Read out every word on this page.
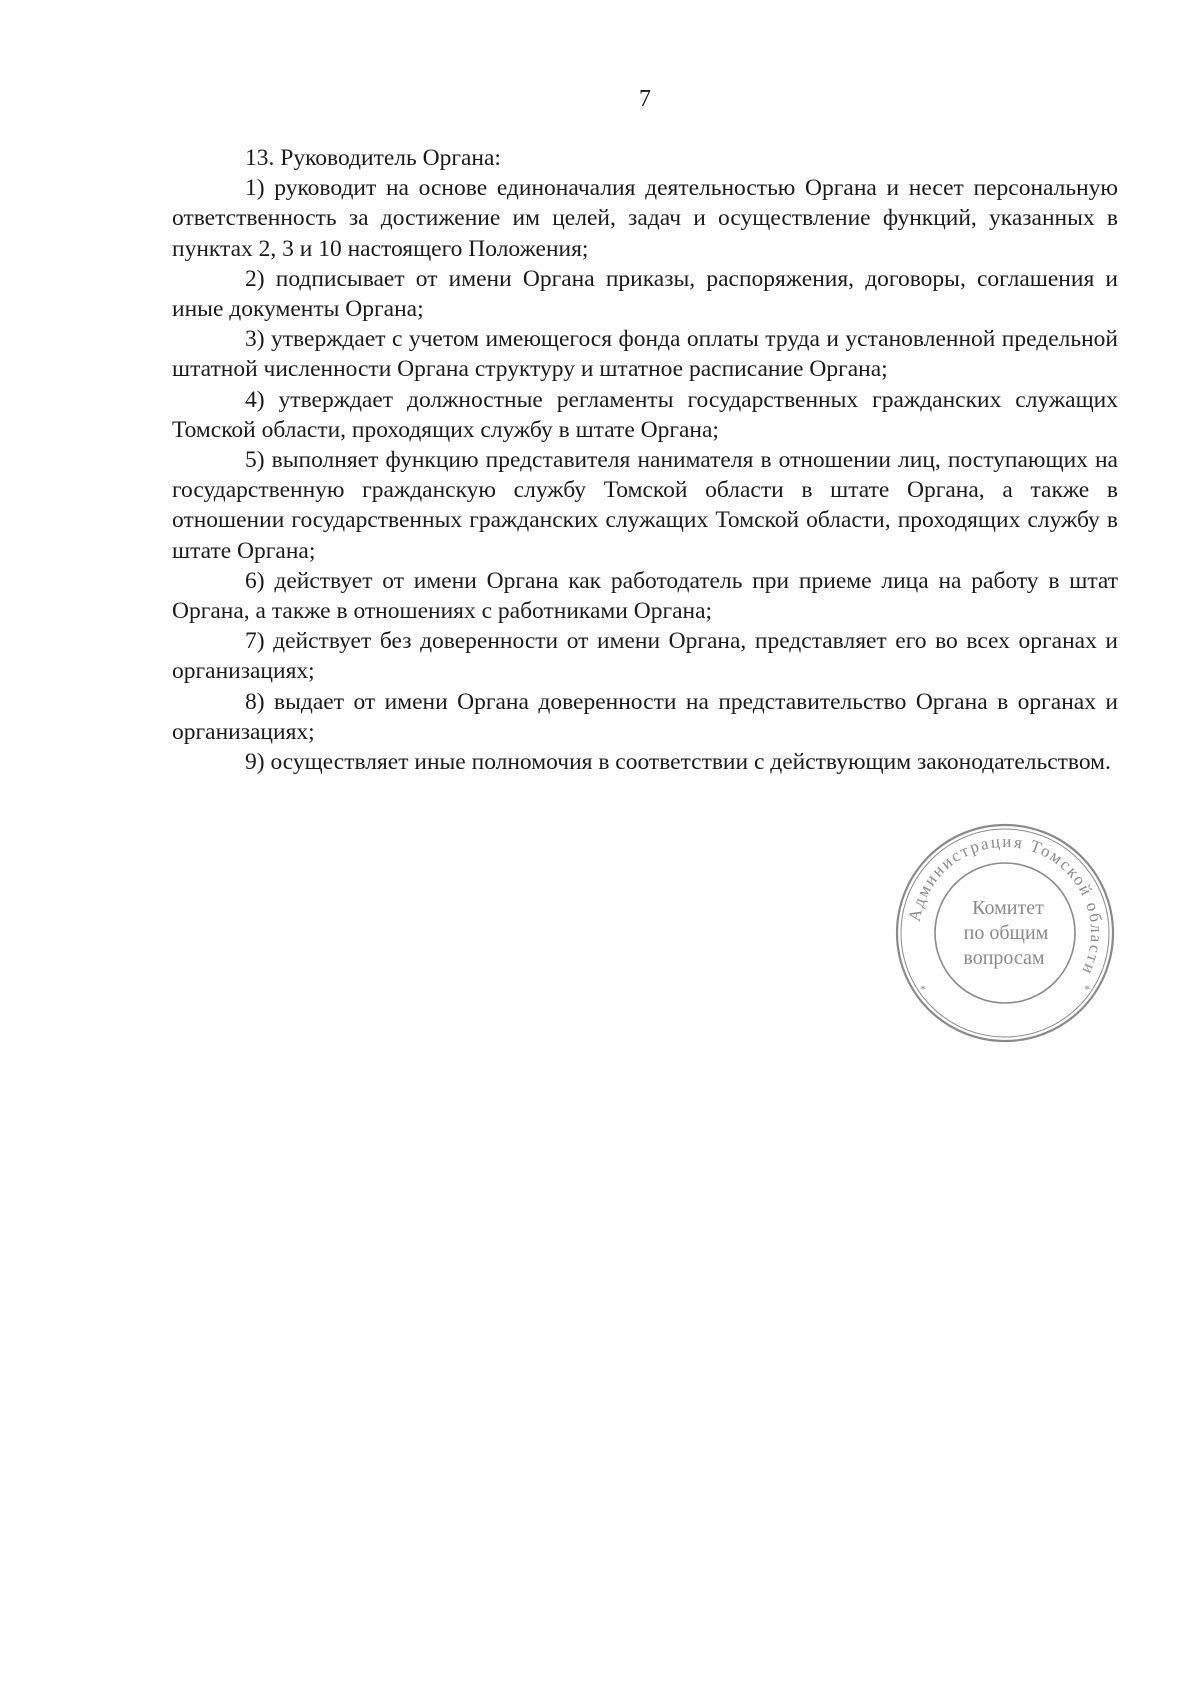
7

13. Руководитель Органа:

1) руководит на основе единоначалия деятельностью Органа и несет персональную ответственность за достижение им целей, задач и осуществление функций, указанных в пунктах 2, 3 и 10 настоящего Положения;

2) подписывает от имени Органа приказы, распоряжения, договоры, соглашения и иные документы Органа;

3) утверждает с учетом имеющегося фонда оплаты труда и установленной предельной штатной численности Органа структуру и штатное расписание Органа;

4) утверждает должностные регламенты государственных гражданских служащих Томской области, проходящих службу в штате Органа;

5) выполняет функцию представителя нанимателя в отношении лиц, поступающих на государственную гражданскую службу Томской области в штате Органа, а также в отношении государственных гражданских служащих Томской области, проходящих службу в штате Органа;

6) действует от имени Органа как работодатель при приеме лица на работу в штат Органа, а также в отношениях с работниками Органа;

7) действует без доверенности от имени Органа, представляет его во всех органах и организациях;

8) выдает от имени Органа доверенности на представительство Органа в органах и организациях;

9) осуществляет иные полномочия в соответствии с действующим законодательством.

Администрация Томской области
Комитет
по общим
вопросам
*	*
